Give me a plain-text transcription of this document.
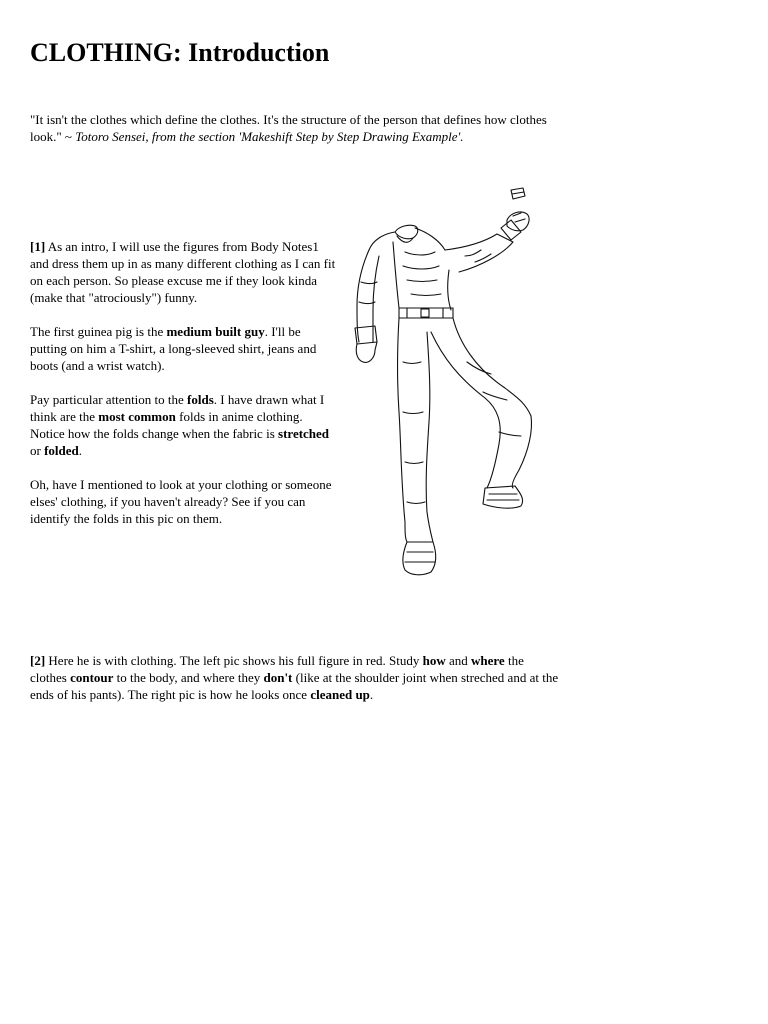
CLOTHING: Introduction

"It isn't the clothes which define the clothes. It's the structure of the person that defines how clothes look." ~ Totoro Sensei, from the section 'Makeshift Step by Step Drawing Example'.

[1] As an intro, I will use the figures from Body Notes1 and dress them up in as many different clothing as I can fit on each person. So please excuse me if they look kinda (make that "atrociously") funny.

The first guinea pig is the medium built guy. I'll be putting on him a T-shirt, a long-sleeved shirt, jeans and boots (and a wrist watch).

Pay particular attention to the folds. I have drawn what I think are the most common folds in anime clothing. Notice how the folds change when the fabric is stretched or folded.

Oh, have I mentioned to look at your clothing or someone elses' clothing, if you haven't already? See if you can identify the folds in this pic on them.

[2] Here he is with clothing. The left pic shows his full figure in red. Study how and where the clothes contour to the body, and where they don't (like at the shoulder joint when streched and at the ends of his pants). The right pic is how he looks once cleaned up.
